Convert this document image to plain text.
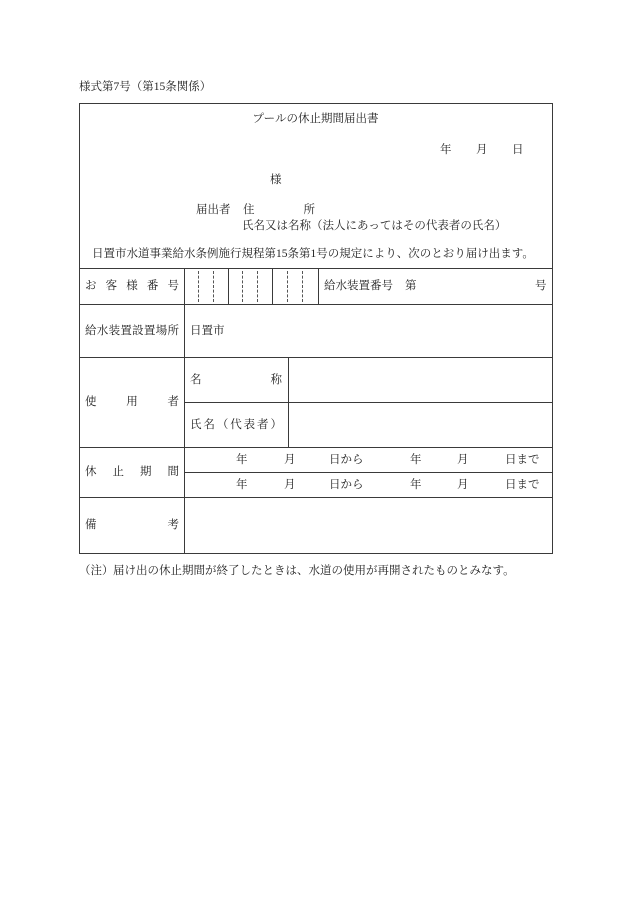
様式第7号（第15条関係）
プールの休止期間届出書
年 月 日
様
届出者 住	所
氏名又は名称（法人にあってはその代表者の氏名）
日置市水道事業給水条例施行規程第15条第1号の規定により、次のとおり届け出ます。
お 客 様 番 号	給水装置番号 第	号
給 水 装 置 設 置 場 所 日置市
使	用	者
名	称
氏 名 （ 代 表 者 ）
休 止 期 間
年	月	日から	年	月	日まで
年	月	日から	年	月	日まで
備	考
（注） 届け出の休止期間が終了したときは、水道の使用が再開されたものとみなす。
